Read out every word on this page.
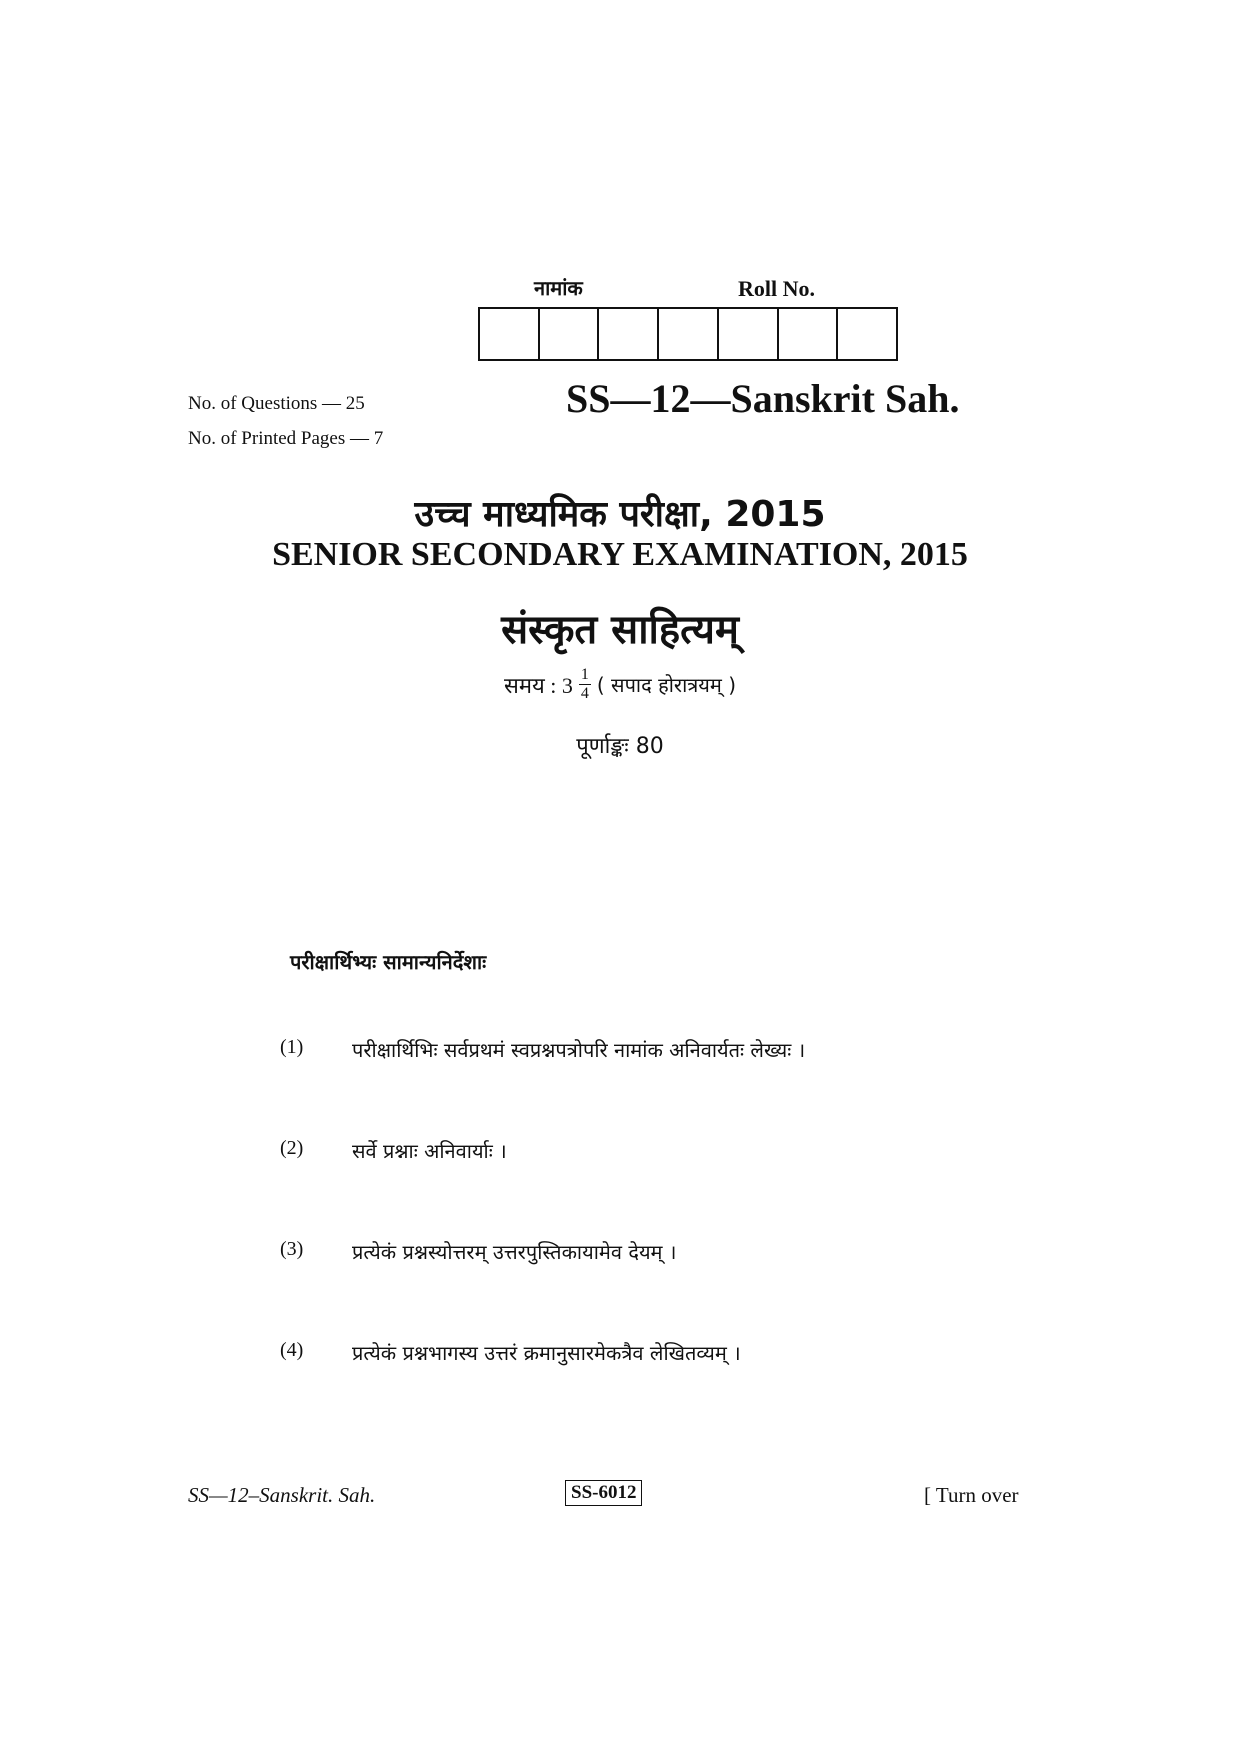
नामांक	Roll No.
No. of Questions — 25
No. of Printed Pages — 7
SS—12—Sanskrit Sah.
उच्च माध्यमिक परीक्षा, 2015
SENIOR SECONDARY EXAMINATION, 2015
संस्कृत साहित्यम्
समय : $3 \frac{1}{4}$ ( सपाद होरात्रयम् )
पूर्णाङ्कः 80
परीक्षार्थिभ्यः सामान्यनिर्देशाः
(1)	परीक्षार्थिभिः सर्वप्रथमं स्वप्रश्नपत्रोपरि नामांक अनिवार्यतः लेख्यः ।
(2)	सर्वे प्रश्नाः अनिवार्याः ।
(3)	प्रत्येकं प्रश्नस्योत्तरम् उत्तरपुस्तिकायामेव देयम् ।
(4)	प्रत्येकं प्रश्नभागस्य उत्तरं क्रमानुसारमेकत्रैव लेखितव्यम् ।
SS—12–Sanskrit. Sah.	SS-6012	[ Turn over
